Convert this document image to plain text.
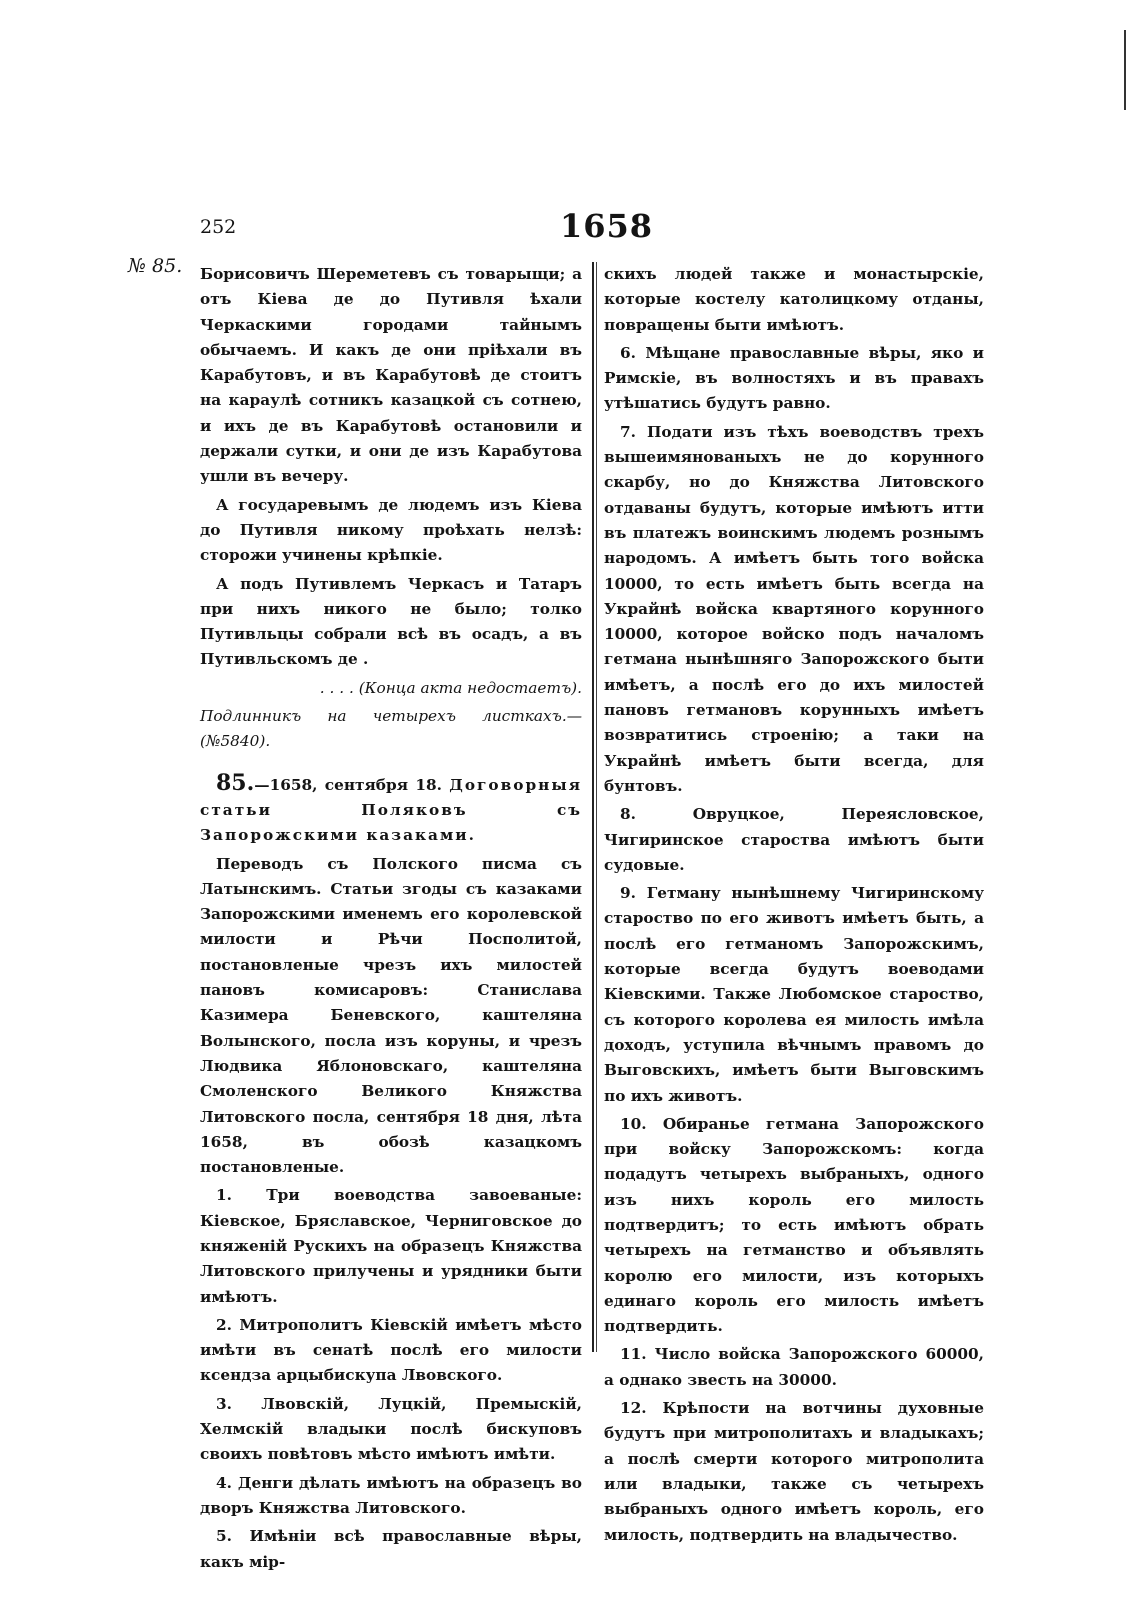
252	1658
№ 85. Борисовичъ Шереметевъ съ товарыщи; а отъ Кіева де до Путивля ѣхали Черкаскими городами тайнымъ обычаемъ. И какъ де они пріѣхали въ Карабутовъ, и въ Карабутовѣ де стоитъ на караулѣ сотникъ казацкой съ сотнею, и ихъ де въ Карабутовѣ остановили и держали сутки, и они де изъ Карабутова ушли въ вечеру.

А государевымъ де людемъ изъ Кіева до Путивля никому проѣхать нелзѣ: сторожи учинены крѣпкіе.

А подъ Путивлемъ Черкасъ и Татаръ при нихъ никого не было; толко Путивльцы собрали всѣ въ осадъ, а въ Путивльскомъ де .

. . . . (Конца акта недостаетъ).

Подлинникъ на четырехъ листкахъ.—(№5840).

85.—1658, сентября 18. Договорныя статьи Поляковъ съ Запорожскими казаками.

Переводъ съ Полского писма съ Латынскимъ. Статьи згоды съ казаками Запорожскими именемъ его королевской милости и Рѣчи Посполитой, постановленые чрезъ ихъ милостей пановъ комисаровъ: Станислава Казимера Беневского, каштеляна Волынского, посла изъ коруны, и чрезъ Людвика Яблоновскаго, каштеляна Смоленского Великого Княжства Литовского посла, сентября 18 дня, лѣта 1658, въ обозѣ казацкомъ постановленые.

1. Три воеводства завоеваные: Кіевское, Бряславское, Черниговское до княженій Рускихъ на образецъ Княжства Литовского прилучены и урядники быти имѣютъ.

2. Митрополитъ Кіевскій имѣетъ мѣсто имѣти въ сенатѣ послѣ его милости ксендза арцыбискупа Лвовского.

3. Лвовскій, Луцкій, Премыскій, Хелмскій владыки послѣ бискуповъ своихъ повѣтовъ мѣсто имѣютъ имѣти.

4. Денги дѣлать имѣютъ на образецъ во дворъ Княжства Литовского.

5. Имѣніи всѣ православные вѣры, какъ мір-

скихъ людей также и монастырскіе, которые костелу католицкому отданы, повращены быти имѣютъ.

6. Мѣщане православные вѣры, яко и Римскіе, въ волностяхъ и въ правахъ утѣшатись будутъ равно.

7. Подати изъ тѣхъ воеводствъ трехъ вышеимянованыхъ не до корунного скарбу, но до Княжства Литовского отдаваны будутъ, которые имѣютъ итти въ платежъ воинскимъ людемъ рознымъ народомъ. А имѣетъ быть того войска 10000, то есть имѣетъ быть всегда на Украйнѣ войска квартяного корунного 10000, которое войско подъ началомъ гетмана нынѣшняго Запорожского быти имѣетъ, а послѣ его до ихъ милостей пановъ гетмановъ корунныхъ имѣетъ возвратитись строенію; а таки на Украйнѣ имѣетъ быти всегда, для бунтовъ.

8. Овруцкое, Переясловское, Чигиринское староства имѣютъ быти судовые.

9. Гетману нынѣшнему Чигиринскому староство по его животъ имѣетъ быть, а послѣ его гетманомъ Запорожскимъ, которые всегда будутъ воеводами Кіевскими. Также Любомское староство, съ которого королева ея милость имѣла доходъ, уступила вѣчнымъ правомъ до Выговскихъ, имѣетъ быти Выговскимъ по ихъ животъ.

10. Обиранье гетмана Запорожского при войску Запорожскомъ: когда подадутъ четырехъ выбраныхъ, одного изъ нихъ король его милость подтвердитъ; то есть имѣютъ обрать четырехъ на гетманство и объявлять королю его милости, изъ которыхъ единаго король его милость имѣетъ подтвердить.

11. Число войска Запорожского 60000, а однако звесть на 30000.

12. Крѣпости на вотчины духовные будутъ при митрополитахъ и владыкахъ; а послѣ смерти которого митрополита или владыки, также съ четырехъ выбраныхъ одного имѣетъ король, его милость, подтвердить на владычество.
